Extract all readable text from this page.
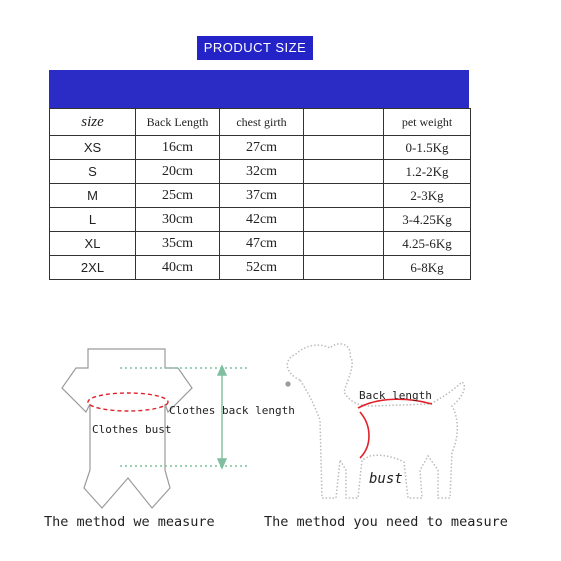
PRODUCT SIZE
size	Back Length	chest girth		pet weight
XS	16cm	27cm		0-1.5Kg
S	20cm	32cm		1.2-2Kg
M	25cm	37cm		2-3Kg
L	30cm	42cm		3-4.25Kg
XL	35cm	47cm		4.25-6Kg
2XL	40cm	52cm		6-8Kg
Clothes back length
Clothes bust
The method we measure
Back length
bust
The method you need to measure
